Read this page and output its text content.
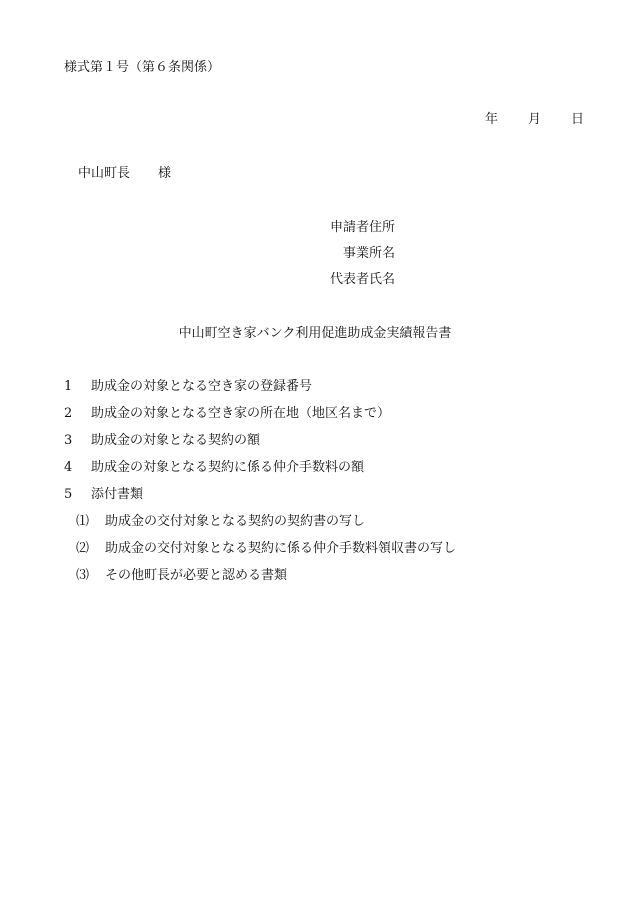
様式第１号（第６条関係）
年 月 日
中山町長 様
申請者住所
事業所名
代表者氏名
中山町空き家バンク利用促進助成金実績報告書
1	助成金の対象となる空き家の登録番号
2	助成金の対象となる空き家の所在地（地区名まで）
3	助成金の対象となる契約の額
4	助成金の対象となる契約に係る仲介手数料の額
5	添付書類
⑴	助成金の交付対象となる契約の契約書の写し
⑵	助成金の交付対象となる契約に係る仲介手数料領収書の写し
⑶	その他町長が必要と認める書類
